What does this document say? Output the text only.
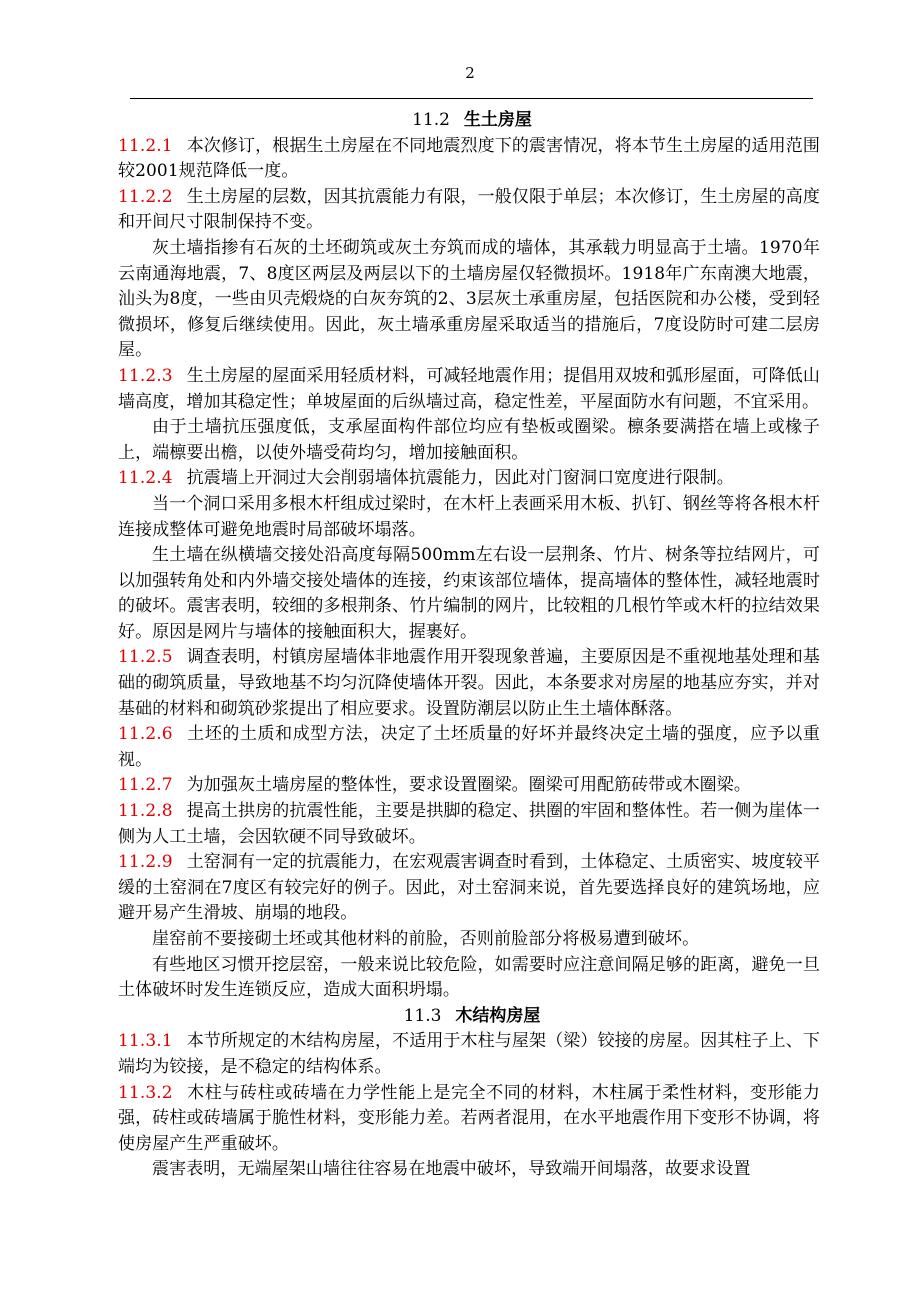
2
11.2 生土房屋

11.2.1 本次修订，根据生土房屋在不同地震烈度下的震害情况，将本节生土房屋的适用范围较2001规范降低一度。

11.2.2 生土房屋的层数，因其抗震能力有限，一般仅限于单层；本次修订，生土房屋的高度和开间尺寸限制保持不变。

灰土墙指掺有石灰的土坯砌筑或灰土夯筑而成的墙体，其承载力明显高于土墙。1970年云南通海地震，7、8度区两层及两层以下的土墙房屋仅轻微损坏。1918年广东南澳大地震，汕头为8度，一些由贝壳煅烧的白灰夯筑的2、3层灰土承重房屋，包括医院和办公楼，受到轻微损坏，修复后继续使用。因此，灰土墙承重房屋采取适当的措施后，7度设防时可建二层房屋。

11.2.3 生土房屋的屋面采用轻质材料，可减轻地震作用；提倡用双坡和弧形屋面，可降低山墙高度，增加其稳定性；单坡屋面的后纵墙过高，稳定性差，平屋面防水有问题，不宜采用。

由于土墙抗压强度低，支承屋面构件部位均应有垫板或圈梁。檩条要满搭在墙上或椽子上，端檩要出檐，以使外墙受荷均匀，增加接触面积。

11.2.4 抗震墙上开洞过大会削弱墙体抗震能力，因此对门窗洞口宽度进行限制。

当一个洞口采用多根木杆组成过梁时，在木杆上表画采用木板、扒钉、钢丝等将各根木杆连接成整体可避免地震时局部破坏塌落。

生土墙在纵横墙交接处沿高度每隔500mm左右设一层荆条、竹片、树条等拉结网片，可以加强转角处和内外墙交接处墙体的连接，约束该部位墙体，提高墙体的整体性，减轻地震时的破坏。震害表明，较细的多根荆条、竹片编制的网片，比较粗的几根竹竿或木杆的拉结效果好。原因是网片与墙体的接触面积大，握裹好。

11.2.5 调查表明，村镇房屋墙体非地震作用开裂现象普遍，主要原因是不重视地基处理和基础的砌筑质量，导致地基不均匀沉降使墙体开裂。因此，本条要求对房屋的地基应夯实，并对基础的材料和砌筑砂浆提出了相应要求。设置防潮层以防止生土墙体酥落。

11.2.6 土坯的土质和成型方法，决定了土坯质量的好坏并最终决定土墙的强度，应予以重视。

11.2.7 为加强灰土墙房屋的整体性，要求设置圈梁。圈梁可用配筋砖带或木圈梁。

11.2.8 提高土拱房的抗震性能，主要是拱脚的稳定、拱圈的牢固和整体性。若一侧为崖体一侧为人工土墙，会因软硬不同导致破坏。

11.2.9 土窑洞有一定的抗震能力，在宏观震害调查时看到，土体稳定、土质密实、坡度较平缓的土窑洞在7度区有较完好的例子。因此，对土窑洞来说，首先要选择良好的建筑场地，应避开易产生滑坡、崩塌的地段。

崖窑前不要接砌土坯或其他材料的前脸，否则前脸部分将极易遭到破坏。

有些地区习惯开挖层窑，一般来说比较危险，如需要时应注意间隔足够的距离，避免一旦土体破坏时发生连锁反应，造成大面积坍塌。

11.3 木结构房屋

11.3.1 本节所规定的木结构房屋，不适用于木柱与屋架（梁）铰接的房屋。因其柱子上、下端均为铰接，是不稳定的结构体系。

11.3.2 木柱与砖柱或砖墙在力学性能上是完全不同的材料，木柱属于柔性材料，变形能力强，砖柱或砖墙属于脆性材料，变形能力差。若两者混用，在水平地震作用下变形不协调，将使房屋产生严重破坏。

震害表明，无端屋架山墙往往容易在地震中破坏，导致端开间塌落，故要求设置
